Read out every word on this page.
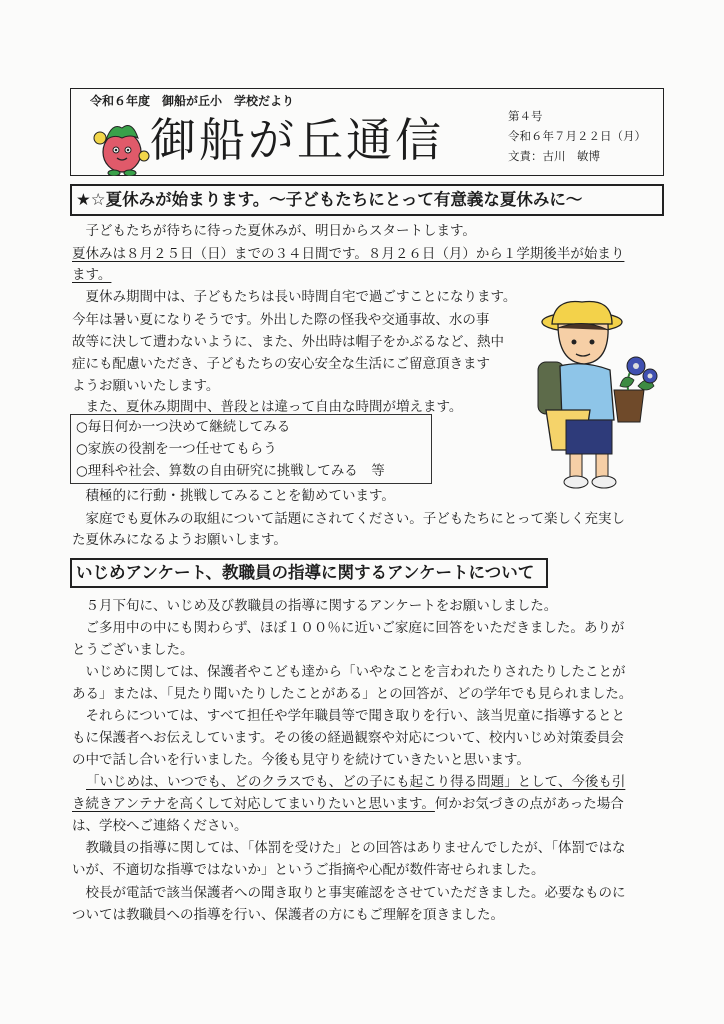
令和６年度　御船が丘小　学校だより
御船が丘通信	第４号
令和６年７月２２日（月）
文責：古川　敏博
★☆夏休みが始まります。～子どもたちにとって有意義な夏休みに～
　子どもたちが待ちに待った夏休みが、明日からスタートします。
夏休みは８月２５日（日）までの３４日間です。８月２６日（月）から１学期後半が始まり
ます。
　夏休み期間中は、子どもたちは長い時間自宅で過ごすことになります。
今年は暑い夏になりそうです。外出した際の怪我や交通事故、水の事
故等に決して遭わないように、また、外出時は帽子をかぶるなど、熱中
症にも配慮いただき、子どもたちの安心安全な生活にご留意頂きます
ようお願いいたします。
　また、夏休み期間中、普段とは違って自由な時間が増えます。
○毎日何か一つ決めて継続してみる
○家族の役割を一つ任せてもらう
○理科や社会、算数の自由研究に挑戦してみる　等
　積極的に行動・挑戦してみることを勧めています。
　家庭でも夏休みの取組について話題にされてください。子どもたちにとって楽しく充実し
た夏休みになるようお願いします。
いじめアンケート、教職員の指導に関するアンケートについて
　５月下旬に、いじめ及び教職員の指導に関するアンケートをお願いしました。
　ご多用中の中にも関わらず、ほぼ１００％に近いご家庭に回答をいただきました。ありが
とうございました。
　いじめに関しては、保護者やこども達から「いやなことを言われたりされたりしたことが
ある」または、「見たり聞いたりしたことがある」との回答が、どの学年でも見られました。
　それらについては、すべて担任や学年職員等で聞き取りを行い、該当児童に指導するとと
もに保護者へお伝えしています。その後の経過観察や対応について、校内いじめ対策委員会
の中で話し合いを行いました。今後も見守りを続けていきたいと思います。
「いじめは、いつでも、どのクラスでも、どの子にも起こり得る問題」として、今後も引
き続きアンテナを高くして対応してまいりたいと思います。何かお気づきの点があった場合
は、学校へご連絡ください。
　教職員の指導に関しては、「体罰を受けた」との回答はありませんでしたが、「体罰ではな
いが、不適切な指導ではないか」というご指摘や心配が数件寄せられました。
　校長が電話で該当保護者への聞き取りと事実確認をさせていただきました。必要なものに
ついては教職員への指導を行い、保護者の方にもご理解を頂きました。
